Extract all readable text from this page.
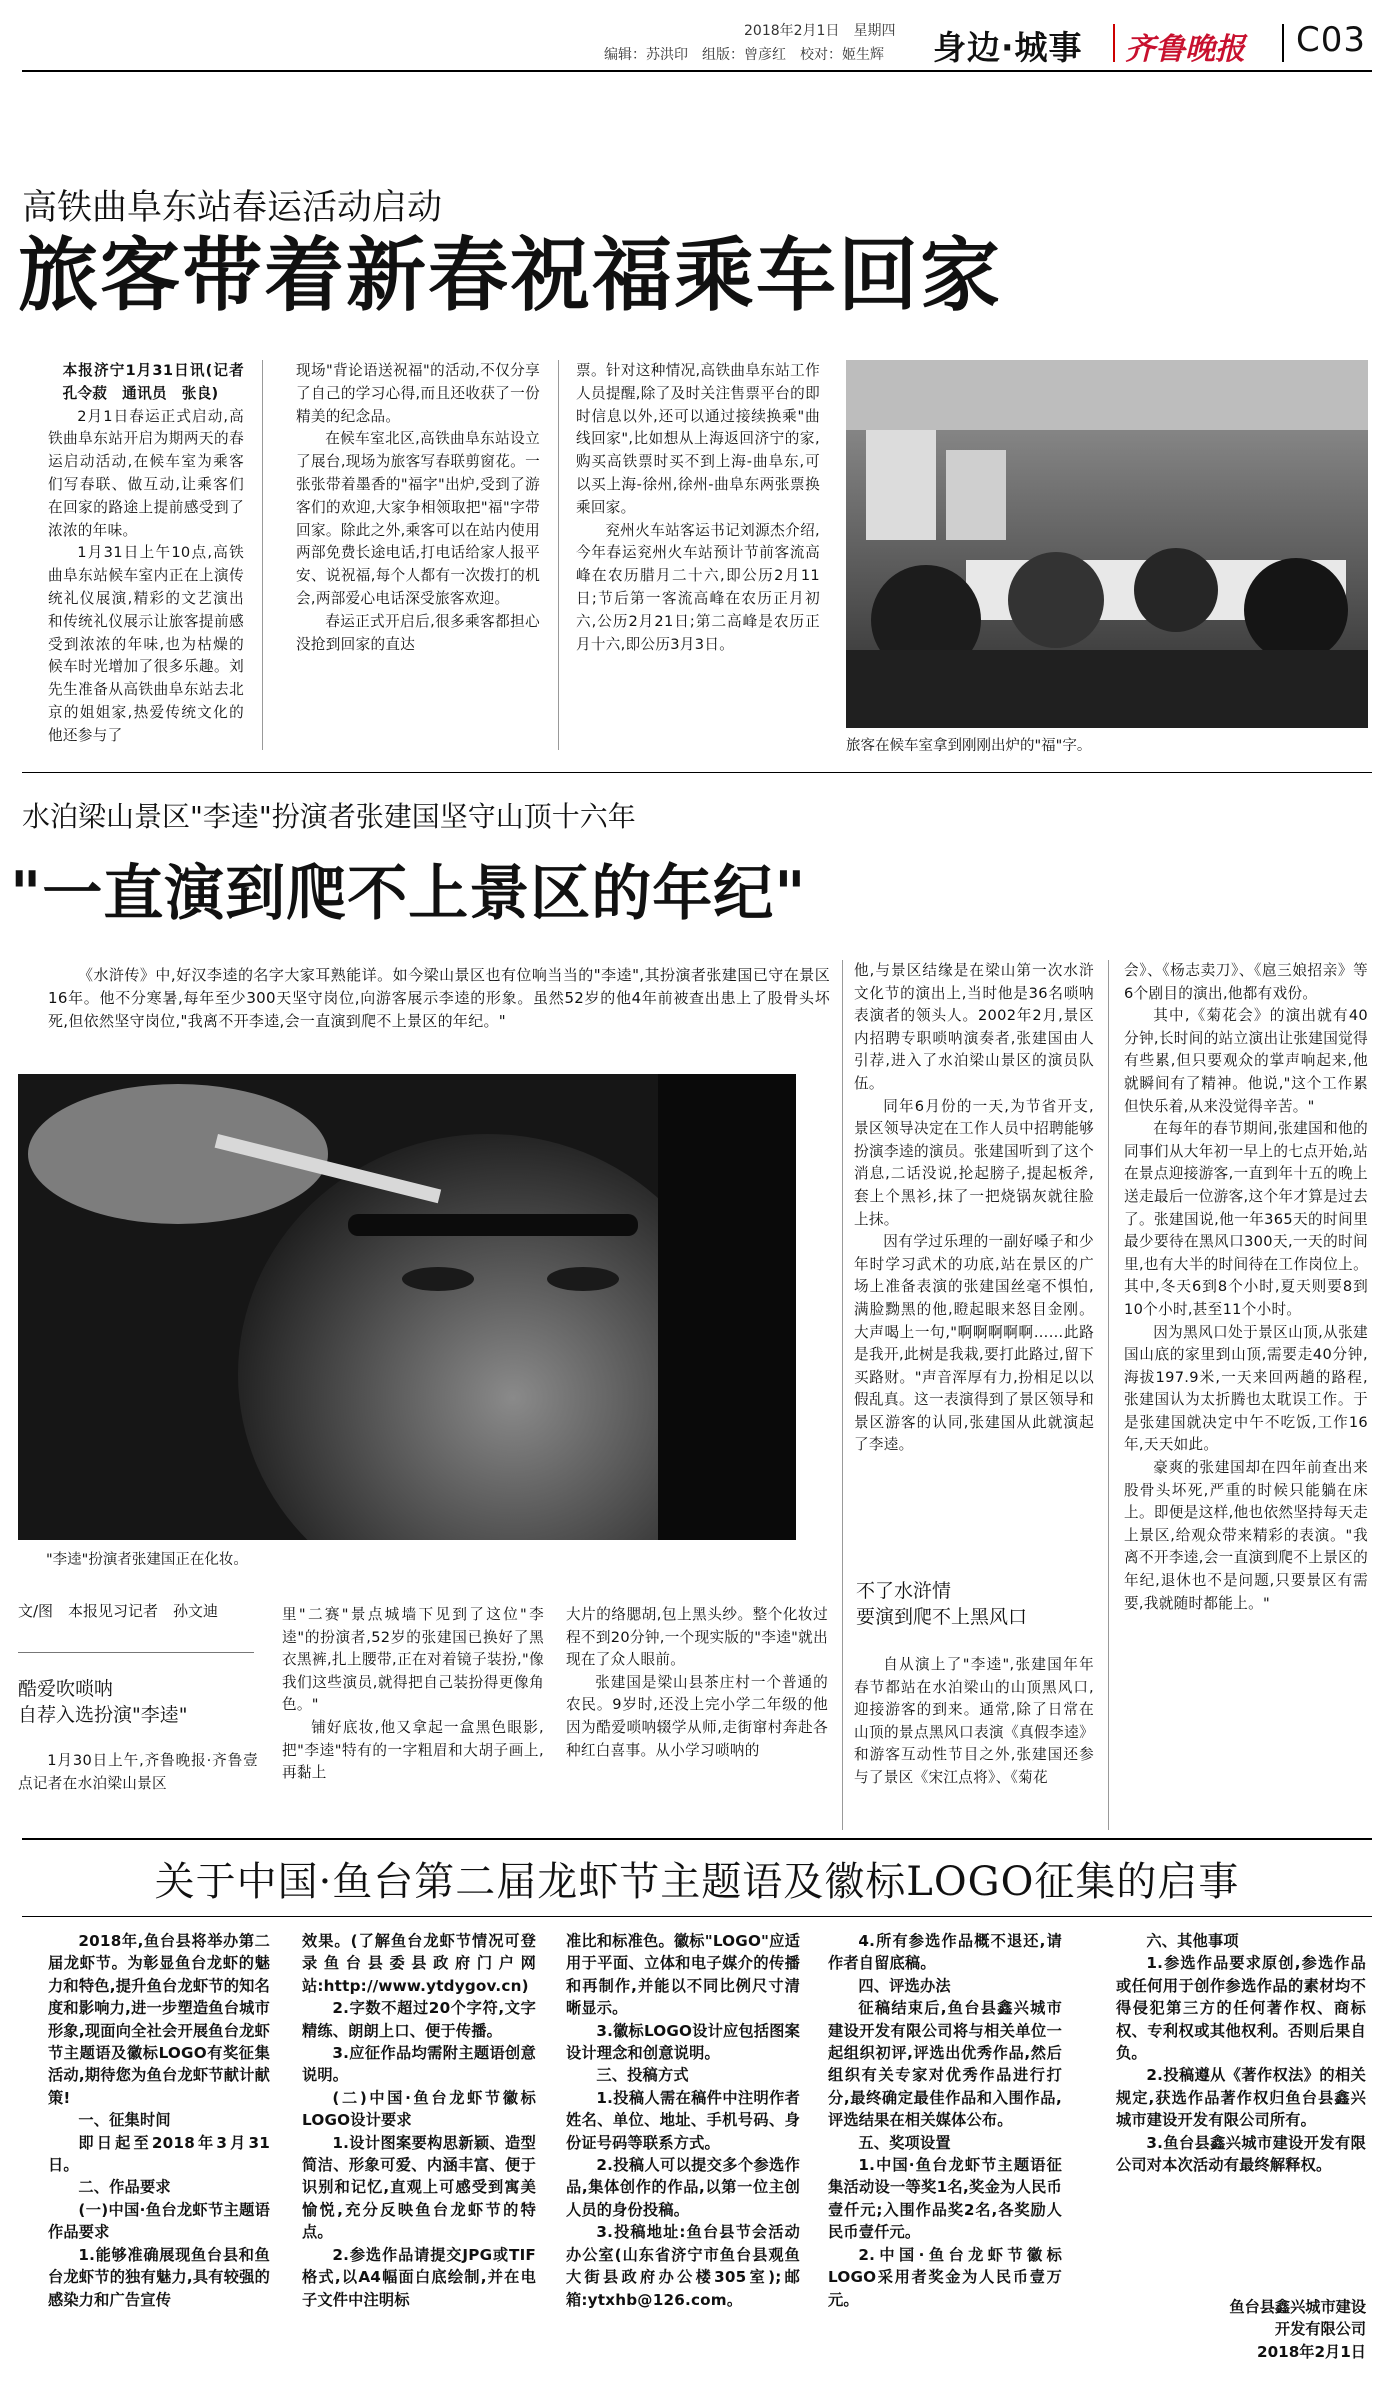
2018年2月1日　星期四
编辑：苏洪印　组版：曾彦红　校对：姬生辉 身边·城事 齐鲁晚报 C03
高铁曲阜东站春运活动启动
旅客带着新春祝福乘车回家

本报济宁1月31日讯(记者　孔令菽　通讯员　张良)

2月1日春运正式启动,高铁曲阜东站开启为期两天的春运启动活动,在候车室为乘客们写春联、做互动,让乘客们在回家的路途上提前感受到了浓浓的年味。

1月31日上午10点,高铁曲阜东站候车室内正在上演传统礼仪展演,精彩的文艺演出和传统礼仪展示让旅客提前感受到浓浓的年味,也为枯燥的候车时光增加了很多乐趣。刘先生准备从高铁曲阜东站去北京的姐姐家,热爱传统文化的他还参与了

现场"背论语送祝福"的活动,不仅分享了自己的学习心得,而且还收获了一份精美的纪念品。

在候车室北区,高铁曲阜东站设立了展台,现场为旅客写春联剪窗花。一张张带着墨香的"福字"出炉,受到了游客们的欢迎,大家争相领取把"福"字带回家。除此之外,乘客可以在站内使用两部免费长途电话,打电话给家人报平安、说祝福,每个人都有一次拨打的机会,两部爱心电话深受旅客欢迎。

春运正式开启后,很多乘客都担心没抢到回家的直达

票。针对这种情况,高铁曲阜东站工作人员提醒,除了及时关注售票平台的即时信息以外,还可以通过接续换乘"曲线回家",比如想从上海返回济宁的家,购买高铁票时买不到上海-曲阜东,可以买上海-徐州,徐州-曲阜东两张票换乘回家。

兖州火车站客运书记刘源杰介绍,今年春运兖州火车站预计节前客流高峰在农历腊月二十六,即公历2月11日;节后第一客流高峰在农历正月初六,公历2月21日;第二高峰是农历正月十六,即公历3月3日。

旅客在候车室拿到刚刚出炉的"福"字。
水泊梁山景区"李逵"扮演者张建国坚守山顶十六年
"一直演到爬不上景区的年纪"
《水浒传》中,好汉李逵的名字大家耳熟能详。如今梁山景区也有位响当当的"李逵",其扮演者张建国已守在景区16年。他不分寒暑,每年至少300天坚守岗位,向游客展示李逵的形象。虽然52岁的他4年前被查出患上了股骨头坏死,但依然坚守岗位,"我离不开李逵,会一直演到爬不上景区的年纪。"
"李逵"扮演者张建国正在化妆。
文/图　本报见习记者　孙文迪
酷爱吹唢呐
自荐入选扮演"李逵"

1月30日上午,齐鲁晚报·齐鲁壹点记者在水泊梁山景区

里"二赛"景点城墙下见到了这位"李逵"的扮演者,52岁的张建国已换好了黑衣黑裤,扎上腰带,正在对着镜子装扮,"像我们这些演员,就得把自己装扮得更像角色。"

铺好底妆,他又拿起一盒黑色眼影,把"李逵"特有的一字粗眉和大胡子画上,再黏上

大片的络腮胡,包上黑头纱。整个化妆过程不到20分钟,一个现实版的"李逵"就出现在了众人眼前。

张建国是梁山县茶庄村一个普通的农民。9岁时,还没上完小学二年级的他因为酷爱唢呐辍学从师,走街窜村奔赴各种红白喜事。从小学习唢呐的

他,与景区结缘是在梁山第一次水浒文化节的演出上,当时他是36名唢呐表演者的领头人。2002年2月,景区内招聘专职唢呐演奏者,张建国由人引荐,进入了水泊梁山景区的演员队伍。

同年6月份的一天,为节省开支,景区领导决定在工作人员中招聘能够扮演李逵的演员。张建国听到了这个消息,二话没说,抡起膀子,提起板斧,套上个黑衫,抹了一把烧锅灰就往脸上抹。

因有学过乐理的一副好嗓子和少年时学习武术的功底,站在景区的广场上准备表演的张建国丝毫不惧怕,满脸黝黑的他,瞪起眼来怒目金刚。大声喝上一句,"啊啊啊啊啊……此路是我开,此树是我栽,要打此路过,留下买路财。"声音浑厚有力,扮相足以以假乱真。这一表演得到了景区领导和景区游客的认同,张建国从此就演起了李逵。

不了水浒情
要演到爬不上黑风口

自从演上了"李逵",张建国年年春节都站在水泊梁山的山顶黑风口,迎接游客的到来。通常,除了日常在山顶的景点黑风口表演《真假李逵》和游客互动性节目之外,张建国还参与了景区《宋江点将》、《菊花

会》、《杨志卖刀》、《扈三娘招亲》等6个剧目的演出,他都有戏份。

其中,《菊花会》的演出就有40分钟,长时间的站立演出让张建国觉得有些累,但只要观众的掌声响起来,他就瞬间有了精神。他说,"这个工作累但快乐着,从来没觉得辛苦。"

在每年的春节期间,张建国和他的同事们从大年初一早上的七点开始,站在景点迎接游客,一直到年十五的晚上送走最后一位游客,这个年才算是过去了。张建国说,他一年365天的时间里最少要待在黑风口300天,一天的时间里,也有大半的时间待在工作岗位上。其中,冬天6到8个小时,夏天则要8到10个小时,甚至11个小时。

因为黑风口处于景区山顶,从张建国山底的家里到山顶,需要走40分钟,海拔197.9米,一天来回两趟的路程,张建国认为太折腾也太耽误工作。于是张建国就决定中午不吃饭,工作16年,天天如此。

豪爽的张建国却在四年前查出来股骨头坏死,严重的时候只能躺在床上。即便是这样,他也依然坚持每天走上景区,给观众带来精彩的表演。"我离不开李逵,会一直演到爬不上景区的年纪,退休也不是问题,只要景区有需要,我就随时都能上。"

关于中国·鱼台第二届龙虾节主题语及徽标LOGO征集的启事

2018年,鱼台县将举办第二届龙虾节。为彰显鱼台龙虾的魅力和特色,提升鱼台龙虾节的知名度和影响力,进一步塑造鱼台城市形象,现面向全社会开展鱼台龙虾节主题语及徽标LOGO有奖征集活动,期待您为鱼台龙虾节献计献策!

一、征集时间

即日起至2018年3月31日。

二、作品要求

(一)中国·鱼台龙虾节主题语作品要求

1.能够准确展现鱼台县和鱼台龙虾节的独有魅力,具有较强的感染力和广告宣传

效果。(了解鱼台龙虾节情况可登录鱼台县委县政府门户网站:http://www.ytdygov.cn)

2.字数不超过20个字符,文字精练、朗朗上口、便于传播。

3.应征作品均需附主题语创意说明。

(二)中国·鱼台龙虾节徽标LOGO设计要求

1.设计图案要构思新颖、造型简洁、形象可爱、内涵丰富、便于识别和记忆,直观上可感受到寓美愉悦,充分反映鱼台龙虾节的特点。

2.参选作品请提交JPG或TIF格式,以A4幅面白底绘制,并在电子文件中注明标

准比和标准色。徽标"LOGO"应适用于平面、立体和电子媒介的传播和再制作,并能以不同比例尺寸清晰显示。

3.徽标LOGO设计应包括图案设计理念和创意说明。

三、投稿方式

1.投稿人需在稿件中注明作者姓名、单位、地址、手机号码、身份证号码等联系方式。

2.投稿人可以提交多个参选作品,集体创作的作品,以第一位主创人员的身份投稿。

3.投稿地址:鱼台县节会活动办公室(山东省济宁市鱼台县观鱼大街县政府办公楼305室);邮箱:ytxhb@126.com。

4.所有参选作品概不退还,请作者自留底稿。

四、评选办法

征稿结束后,鱼台县鑫兴城市建设开发有限公司将与相关单位一起组织初评,评选出优秀作品,然后组织有关专家对优秀作品进行打分,最终确定最佳作品和入围作品,评选结果在相关媒体公布。

五、奖项设置

1.中国·鱼台龙虾节主题语征集活动设一等奖1名,奖金为人民币壹仟元;入围作品奖2名,各奖励人民币壹仟元。

2.中国·鱼台龙虾节徽标LOGO采用者奖金为人民币壹万元。

六、其他事项

1.参选作品要求原创,参选作品或任何用于创作参选作品的素材均不得侵犯第三方的任何著作权、商标权、专利权或其他权利。否则后果自负。

2.投稿遵从《著作权法》的相关规定,获选作品著作权归鱼台县鑫兴城市建设开发有限公司所有。

3.鱼台县鑫兴城市建设开发有限公司对本次活动有最终解释权。

鱼台县鑫兴城市建设
开发有限公司
2018年2月1日
